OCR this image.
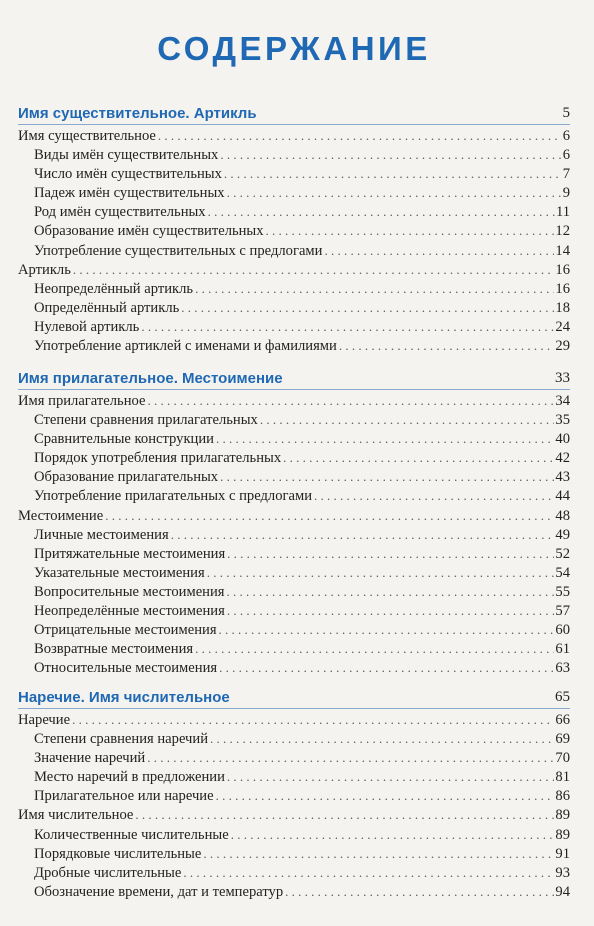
СОДЕРЖАНИЕ
Имя существительное. Артикль	5
Имя существительное . . .	6
Виды имён существительных . . .	6
Число имён существительных . . .	7
Падеж имён существительных . . .	9
Род имён существительных . . .	11
Образование имён существительных . . .	12
Употребление существительных с предлогами . . .	14
Артикль . . .	16
Неопределённый артикль . . .	16
Определённый артикль . . .	18
Нулевой артикль . . .	24
Употребление артиклей с именами и фамилиями . . .	29
Имя прилагательное. Местоимение	33
Имя прилагательное . . .	34
Степени сравнения прилагательных . . .	35
Сравнительные конструкции . . .	40
Порядок употребления прилагательных . . .	42
Образование прилагательных . . .	43
Употребление прилагательных с предлогами . . .	44
Местоимение . . .	48
Личные местоимения . . .	49
Притяжательные местоимения . . .	52
Указательные местоимения . . .	54
Вопросительные местоимения . . .	55
Неопределённые местоимения . . .	57
Отрицательные местоимения . . .	60
Возвратные местоимения . . .	61
Относительные местоимения . . .	63
Наречие. Имя числительное	65
Наречие . . .	66
Степени сравнения наречий . . .	69
Значение наречий . . .	70
Место наречий в предложении . . .	81
Прилагательное или наречие . . .	86
Имя числительное . . .	89
Количественные числительные . . .	89
Порядковые числительные . . .	91
Дробные числительные . . .	93
Обозначение времени, дат и температур . . .	94
